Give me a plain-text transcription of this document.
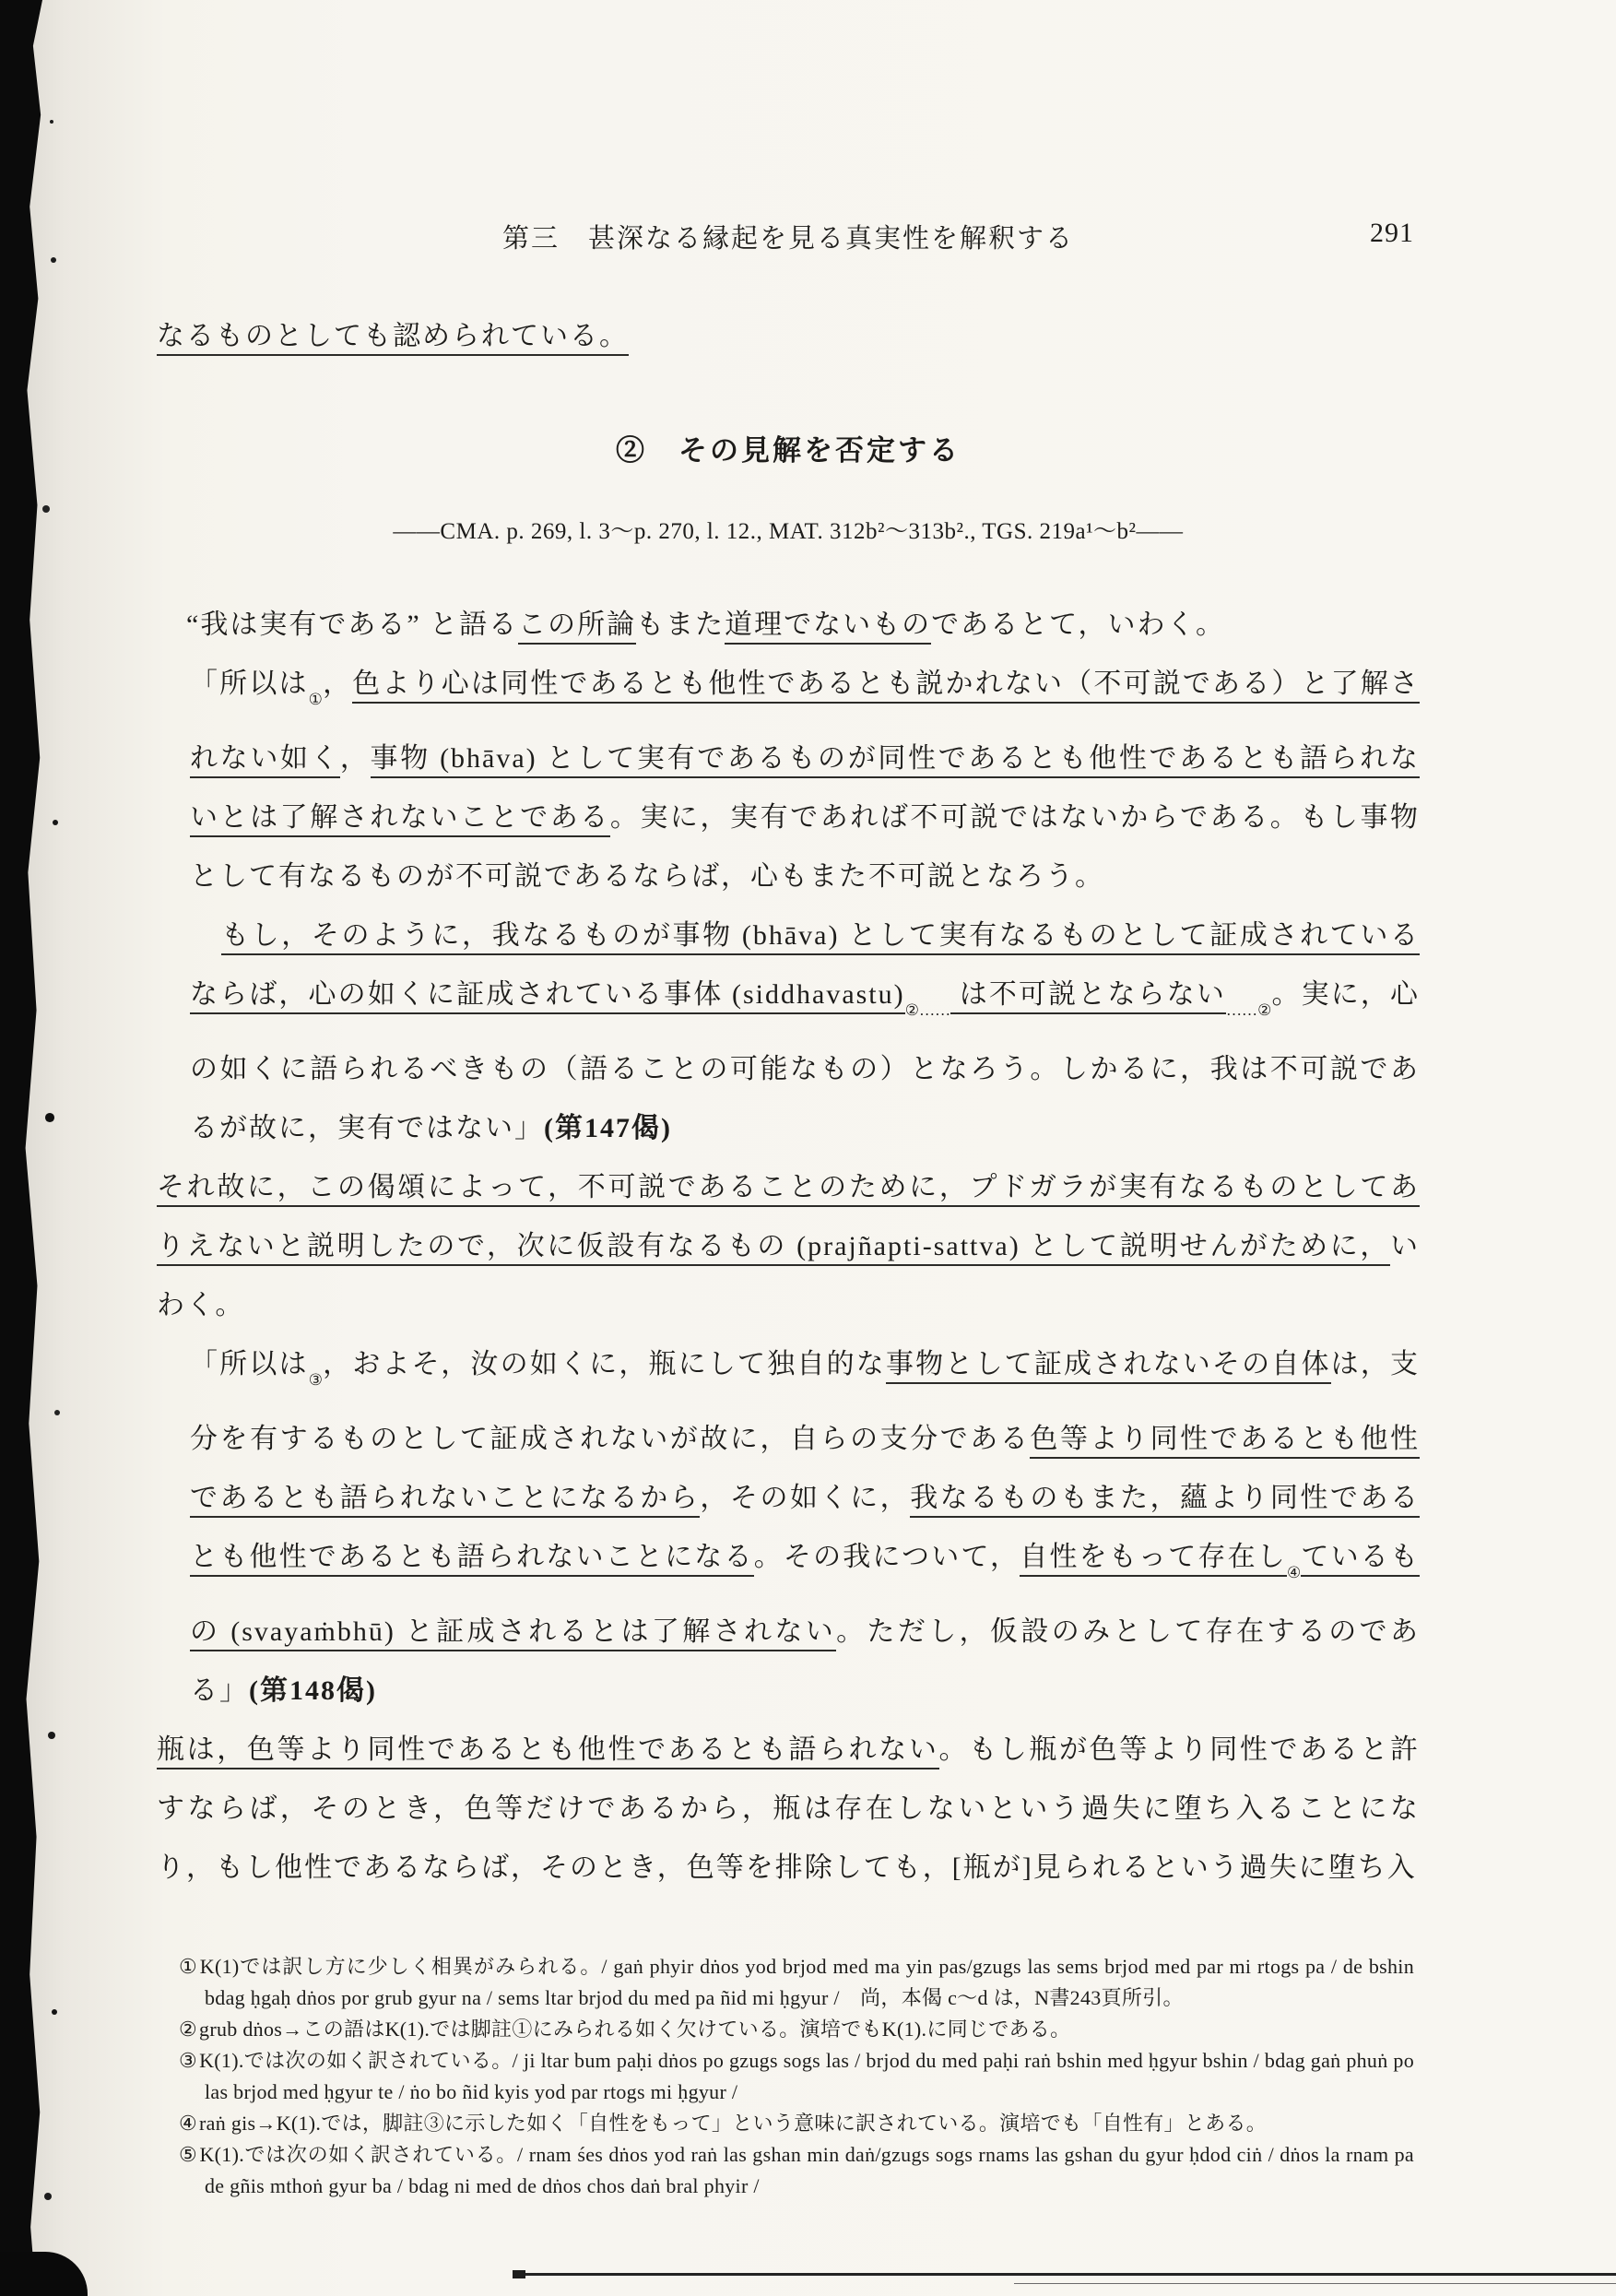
第三　甚深なる縁起を見る真実性を解釈する	291
なるものとしても認められている。
②　その見解を否定する
——CMA. p. 269, l. 3〜p. 270, l. 12., MAT. 312b²〜313b²., TGS. 219a¹〜b²——
“我は実有である” と語るこの所論もまた道理でないものであるとて，いわく。
「所以は$_①$，色より心は同性であるとも他性であるとも説かれない（不可説である）と了解されない如く，事物 (bhāva) として実有であるものが同性であるとも他性であるとも語られないとは了解されないことである。実に，実有であれば不可説ではないからである。もし事物として有なるものが不可説であるならば，心もまた不可説となろう。
もし，そのように，我なるものが事物 (bhāva) として実有なるものとして証成されているならば，心の如くに証成されている事体 $(siddhavastu)_{②\dots\dots}$ は不可説とならない$_{\dots\dots ②}$。実に，心の如くに語られるべきもの（語ることの可能なもの）となろう。しかるに，我は不可説であるが故に，実有ではない」(第147偈)
それ故に，この偈頌によって，不可説であることのために，プドガラが実有なるものとしてありえないと説明したので，次に仮設有なるもの (prajñapti-sattva) として説明せんがために，いわく。
「所以は$_③$，およそ，汝の如くに，瓶にして独自的な事物として証成されないその自体は，支分を有するものとして証成されないが故に，自らの支分である色等より同性であるとも他性であるとも語られないことになるから，その如くに，我なるものもまた，蘊より同性であるとも他性であるとも語られないことになる。その我について，自性をもって存在し$_④$ているもの (svayaṁbhū) と証成されるとは了解されない。ただし，仮設のみとして存在するのである」(第148偈)
瓶は，色等より同性であるとも他性であるとも語られない。もし瓶が色等より同性であると許すならば，そのとき，色等だけであるから，瓶は存在しないという過失に堕ち入ることになり，もし他性であるならば，そのとき，色等を排除しても，[瓶が]見られるという過失に堕ち入
①K(1)では訳し方に少しく相異がみられる。/ gaṅ phyir dṅos yod brjod med ma yin pas/gzugs las sems brjod med par mi rtogs pa / de bshin bdag ḥgaḥ dṅos por grub gyur na / sems ltar brjod du med pa ñid mi ḥgyur /　尚，本偈 c〜d は，N書243頁所引。
②grub dṅos→この語はK(1).では脚註①にみられる如く欠けている。演培でもK(1).に同じである。
③K(1).では次の如く訳されている。/ ji ltar bum paḥi dṅos po gzugs sogs las / brjod du med paḥi raṅ bshin med ḥgyur bshin / bdag gaṅ phuṅ po las brjod med ḥgyur te / ṅo bo ñid kyis yod par rtogs mi ḥgyur /
④raṅ gis→K(1).では，脚註③に示した如く「自性をもって」という意味に訳されている。演培でも「自性有」とある。
⑤K(1).では次の如く訳されている。/ rnam śes dṅos yod raṅ las gshan min daṅ/gzugs sogs rnams las gshan du gyur ḥdod ciṅ / dṅos la rnam pa de gñis mthoṅ gyur ba / bdag ni med de dṅos chos daṅ bral phyir /
